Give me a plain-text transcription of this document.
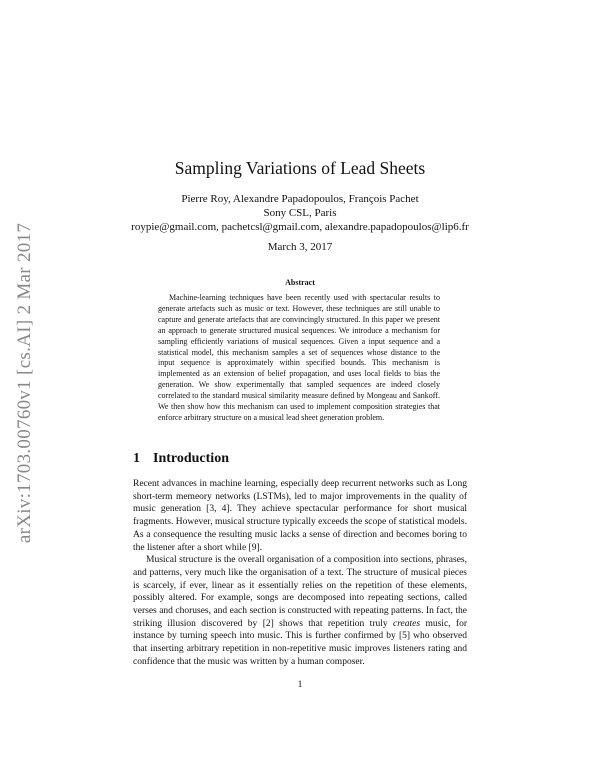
arXiv:1703.00760v1 [cs.AI] 2 Mar 2017
Sampling Variations of Lead Sheets
Pierre Roy, Alexandre Papadopoulos, François Pachet
Sony CSL, Paris
roypie@gmail.com, pachetcsl@gmail.com, alexandre.papadopoulos@lip6.fr
March 3, 2017
Abstract

Machine-learning techniques have been recently used with spectacular results to generate artefacts such as music or text. However, these techniques are still unable to capture and generate artefacts that are convincingly structured. In this paper we present an approach to generate structured musical sequences. We introduce a mechanism for sampling efficiently variations of musical sequences. Given a input sequence and a statistical model, this mechanism samples a set of sequences whose distance to the input sequence is approximately within specified bounds. This mechanism is implemented as an extension of belief propagation, and uses local fields to bias the generation. We show experimentally that sampled sequences are indeed closely correlated to the standard musical similarity measure defined by Mongeau and Sankoff. We then show how this mechanism can used to implement composition strategies that enforce arbitrary structure on a musical lead sheet generation problem.

1 Introduction

Recent advances in machine learning, especially deep recurrent networks such as Long short-term memeory networks (LSTMs), led to major improvements in the quality of music generation [3, 4]. They achieve spectacular performance for short musical fragments. However, musical structure typically exceeds the scope of statistical models. As a consequence the resulting music lacks a sense of direction and becomes boring to the listener after a short while [9].

Musical structure is the overall organisation of a composition into sections, phrases, and patterns, very much like the organisation of a text. The structure of musical pieces is scarcely, if ever, linear as it essentially relies on the repetition of these elements, possibly altered. For example, songs are decomposed into repeating sections, called verses and choruses, and each section is constructed with repeating patterns. In fact, the striking illusion discovered by [2] shows that repetition truly creates music, for instance by turning speech into music. This is further confirmed by [5] who observed that inserting arbitrary repetition in non-repetitive music improves listeners rating and confidence that the music was written by a human composer.

1
